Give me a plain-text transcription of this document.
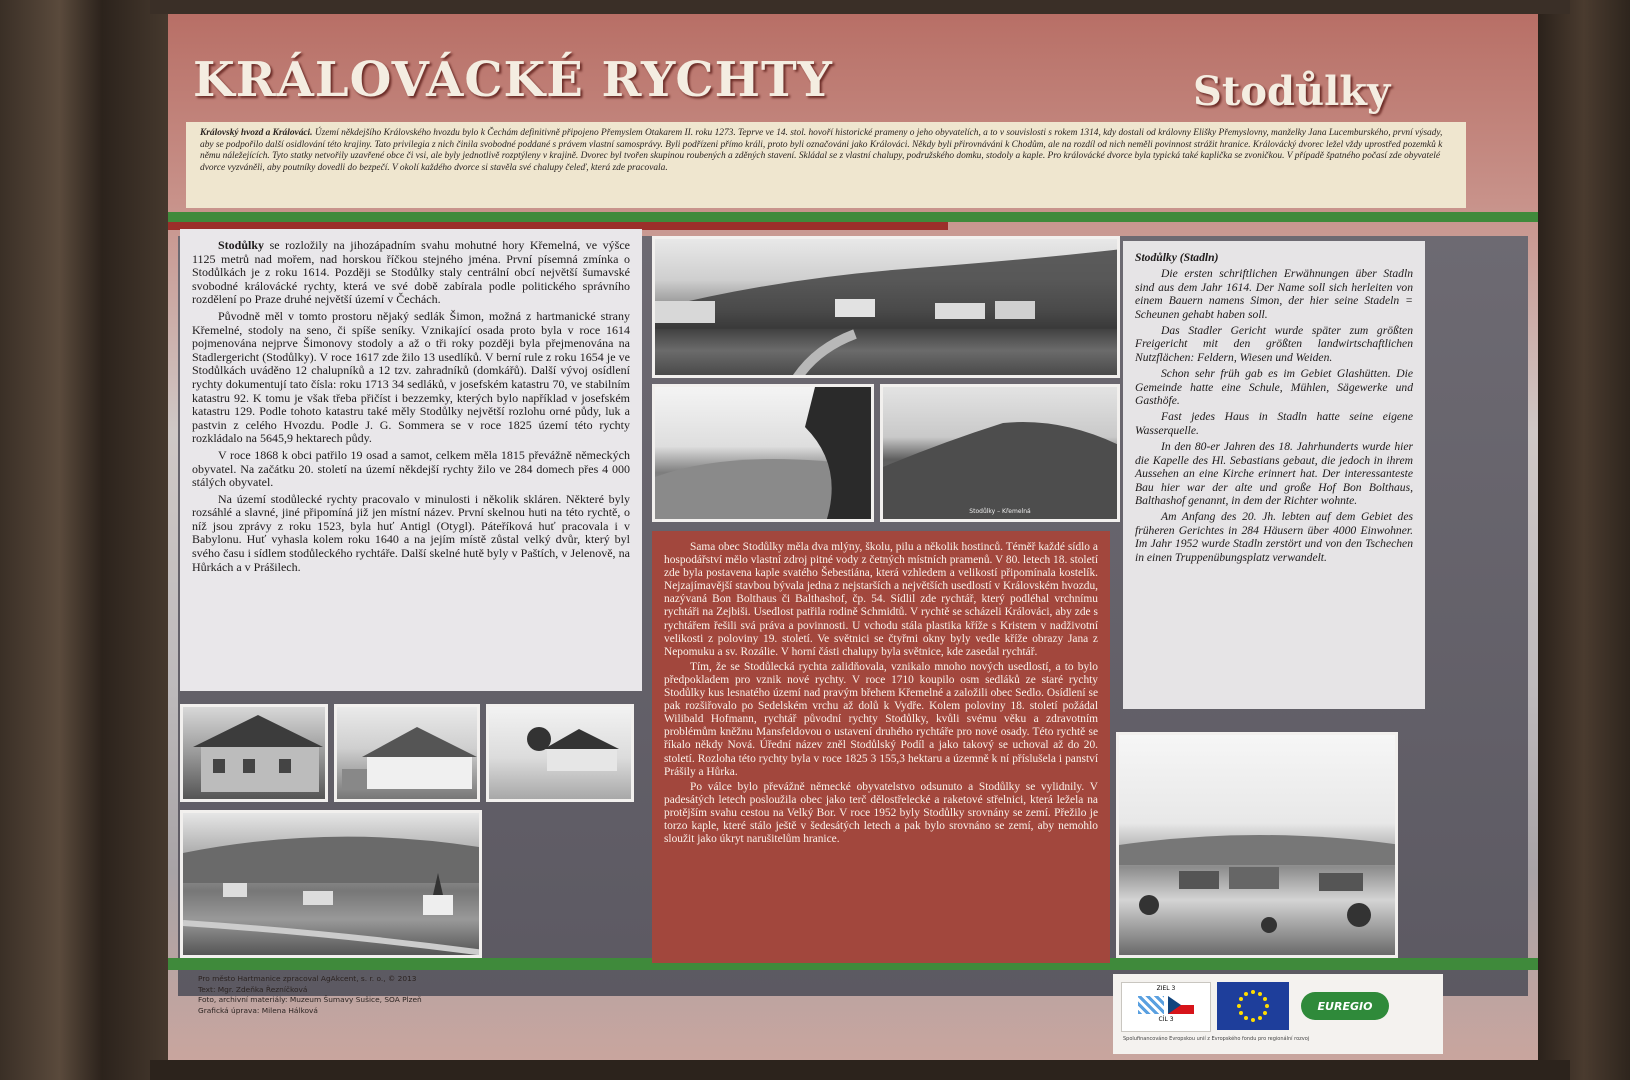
KRÁLOVÁCKÉ RYCHTY	Stodůlky
Královský hvozd a Králováci. Území někdejšího Královského hvozdu bylo k Čechám definitivně připojeno Přemyslem Otakarem II. roku 1273. Teprve ve 14. stol. hovoří historické prameny o jeho obyvatelích, a to v souvislosti s rokem 1314, kdy dostali od královny Elišky Přemyslovny, manželky Jana Lucemburského, první výsady, aby se podpořilo další osidlování této krajiny. Tato privilegia z nich činila svobodné poddané s právem vlastní samosprávy. Byli podřízeni přímo králi, proto byli označováni jako Králováci. Někdy byli přirovnáváni k Chodům, ale na rozdíl od nich neměli povinnost strážit hranice. Královácký dvorec ležel vždy uprostřed pozemků k němu náležejících. Tyto statky netvořily uzavřené obce či vsi, ale byly jednotlivě rozptýleny v krajině. Dvorec byl tvořen skupinou roubených a zděných stavení. Skládal se z vlastní chalupy, podružského domku, stodoly a kaple. Pro královácké dvorce byla typická také kaplička se zvoničkou. V případě špatného počasí zde obyvatelé dvorce vyzváněli, aby poutníky dovedli do bezpečí. V okolí každého dvorce si stavěla své chalupy čeleď, která zde pracovala.

Stodůlky se rozložily na jihozápadním svahu mohutné hory Křemelná, ve výšce 1125 metrů nad mořem, nad horskou říčkou stejného jména. První písemná zmínka o Stodůlkách je z roku 1614. Později se Stodůlky staly centrální obcí největší šumavské svobodné královácké rychty, která ve své době zabírala podle politického správního rozdělení po Praze druhé největší území v Čechách.

Původně měl v tomto prostoru nějaký sedlák Šimon, možná z hartmanické strany Křemelné, stodoly na seno, či spíše seníky. Vznikající osada proto byla v roce 1614 pojmenována nejprve Šimonovy stodoly a až o tři roky později byla přejmenována na Stadlergericht (Stodůlky). V roce 1617 zde žilo 13 usedlíků. V berní rule z roku 1654 je ve Stodůlkách uváděno 12 chalupníků a 12 tzv. zahradníků (domkářů). Další vývoj osídlení rychty dokumentují tato čísla: roku 1713 34 sedláků, v josefském katastru 70, ve stabilním katastru 92. K tomu je však třeba přičíst i bezzemky, kterých bylo například v josefském katastru 129. Podle tohoto katastru také měly Stodůlky největší rozlohu orné půdy, luk a pastvin z celého Hvozdu. Podle J. G. Sommera se v roce 1825 území této rychty rozkládalo na 5645,9 hektarech půdy.

V roce 1868 k obci patřilo 19 osad a samot, celkem měla 1815 převážně německých obyvatel. Na začátku 20. století na území někdejší rychty žilo ve 284 domech přes 4 000 stálých obyvatel.

Na území stodůlecké rychty pracovalo v minulosti i několik skláren. Některé byly rozsáhlé a slavné, jiné připomíná již jen místní název. První skelnou huti na této rychtě, o níž jsou zprávy z roku 1523, byla huť Antigl (Otygl). Páteříková huť pracovala i v Babylonu. Huť vyhasla kolem roku 1640 a na jejím místě zůstal velký dvůr, který byl svého času i sídlem stodůleckého rychtáře. Další skelné hutě byly v Paštích, v Jelenově, na Hůrkách a v Prášilech.

Stodůlky – Křemelná

Sama obec Stodůlky měla dva mlýny, školu, pilu a několik hostinců. Téměř každé sídlo a hospodářství mělo vlastní zdroj pitné vody z četných místních pramenů. V 80. letech 18. století zde byla postavena kaple svatého Šebestiána, která vzhledem a velikostí připomínala kostelík. Nejzajímavější stavbou bývala jedna z nejstarších a největších usedlostí v Královském hvozdu, nazývaná Bon Bolthaus či Balthashof, čp. 54. Sídlil zde rychtář, který podléhal vrchnímu rychtáři na Zejbiši. Usedlost patřila rodině Schmidtů. V rychtě se scházeli Králováci, aby zde s rychtářem řešili svá práva a povinnosti. U vchodu stála plastika kříže s Kristem v nadživotní velikosti z poloviny 19. století. Ve světnici se čtyřmi okny byly vedle kříže obrazy Jana z Nepomuku a sv. Rozálie. V horní části chalupy byla světnice, kde zasedal rychtář.

Tím, že se Stodůlecká rychta zalidňovala, vznikalo mnoho nových usedlostí, a to bylo předpokladem pro vznik nové rychty. V roce 1710 koupilo osm sedláků ze staré rychty Stodůlky kus lesnatého území nad pravým břehem Křemelné a založili obec Sedlo. Osídlení se pak rozšiřovalo po Sedelském vrchu až dolů k Vydře. Kolem poloviny 18. století požádal Wilibald Hofmann, rychtář původní rychty Stodůlky, kvůli svému věku a zdravotním problémům kněžnu Mansfeldovou o ustavení druhého rychtáře pro nové osady. Této rychtě se říkalo někdy Nová. Úřední název zněl Stodůlský Podíl a jako takový se uchoval až do 20. století. Rozloha této rychty byla v roce 1825 3 155,3 hektaru a územně k ní příslušela i panství Prášily a Hůrka.

Po válce bylo převážně německé obyvatelstvo odsunuto a Stodůlky se vylidnily. V padesátých letech posloužila obec jako terč dělostřelecké a raketové střelnici, která ležela na protějším svahu cestou na Velký Bor. V roce 1952 byly Stodůlky srovnány se zemí. Přežilo je torzo kaple, které stálo ještě v šedesátých letech a pak bylo srovnáno se zemí, aby nemohlo sloužit jako úkryt narušitelům hranice.

Stodůlky (Stadln)

Die ersten schriftlichen Erwähnungen über Stadln sind aus dem Jahr 1614. Der Name soll sich herleiten von einem Bauern namens Simon, der hier seine Stadeln = Scheunen gehabt haben soll.

Das Stadler Gericht wurde später zum größten Freigericht mit den größten landwirtschaftlichen Nutzflächen: Feldern, Wiesen und Weiden.

Schon sehr früh gab es im Gebiet Glashütten. Die Gemeinde hatte eine Schule, Mühlen, Sägewerke und Gasthöfe.

Fast jedes Haus in Stadln hatte seine eigene Wasserquelle.

In den 80-er Jahren des 18. Jahrhunderts wurde hier die Kapelle des Hl. Sebastians gebaut, die jedoch in ihrem Aussehen an eine Kirche erinnert hat. Der interessanteste Bau hier war der alte und große Hof Bon Bolthaus, Balthashof genannt, in dem der Richter wohnte.

Am Anfang des 20. Jh. lebten auf dem Gebiet des früheren Gerichtes in 284 Häusern über 4000 Einwohner. Im Jahr 1952 wurde Stadln zerstört und von den Tschechen in einen Truppenübungsplatz verwandelt.

Pro město Hartmanice zpracoval AgAkcent, s. r. o., © 2013
Text: Mgr. Zdeňka Řezníčková
Foto, archivní materiály: Muzeum Šumavy Sušice, SOA Plzeň
Grafická úprava: Milena Hálková
ZIEL 3
CÍL 3
EUREGIO
Spolufinancováno Evropskou unií z Evropského fondu pro regionální rozvoj
